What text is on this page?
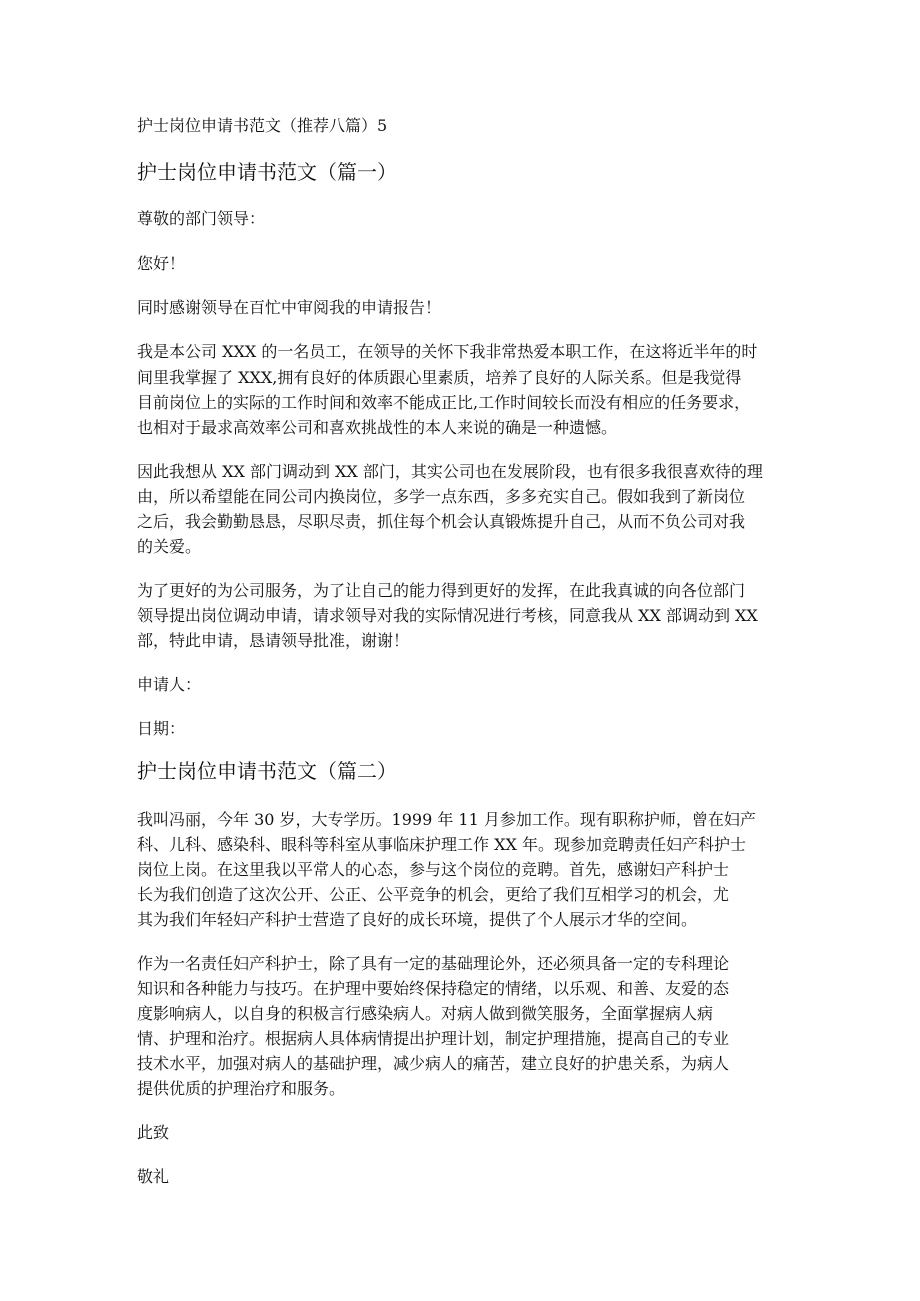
护士岗位申请书范文（推荐八篇）5
护士岗位申请书范文（篇一）
尊敬的部门领导：
您好！
同时感谢领导在百忙中审阅我的申请报告！
我是本公司 XXX 的一名员工，在领导的关怀下我非常热爱本职工作，在这将近半年的时
间里我掌握了 XXX,拥有良好的体质跟心里素质，培养了良好的人际关系。但是我觉得
目前岗位上的实际的工作时间和效率不能成正比,工作时间较长而没有相应的任务要求，
也相对于最求高效率公司和喜欢挑战性的本人来说的确是一种遗憾。
因此我想从 XX 部门调动到 XX 部门，其实公司也在发展阶段，也有很多我很喜欢待的理
由，所以希望能在同公司内换岗位，多学一点东西，多多充实自己。假如我到了新岗位
之后，我会勤勤恳恳，尽职尽责，抓住每个机会认真锻炼提升自己，从而不负公司对我
的关爱。
为了更好的为公司服务，为了让自己的能力得到更好的发挥，在此我真诚的向各位部门
领导提出岗位调动申请，请求领导对我的实际情况进行考核，同意我从 XX 部调动到 XX
部，特此申请，恳请领导批准，谢谢！
申请人：
日期：
护士岗位申请书范文（篇二）
我叫冯丽，今年 30 岁，大专学历。1999 年 11 月参加工作。现有职称护师，曾在妇产
科、儿科、感染科、眼科等科室从事临床护理工作 XX 年。现参加竞聘责任妇产科护士
岗位上岗。在这里我以平常人的心态，参与这个岗位的竞聘。首先，感谢妇产科护士
长为我们创造了这次公开、公正、公平竞争的机会，更给了我们互相学习的机会，尤
其为我们年轻妇产科护士营造了良好的成长环境，提供了个人展示才华的空间。
作为一名责任妇产科护士，除了具有一定的基础理论外，还必须具备一定的专科理论
知识和各种能力与技巧。在护理中要始终保持稳定的情绪，以乐观、和善、友爱的态
度影响病人，以自身的积极言行感染病人。对病人做到微笑服务，全面掌握病人病
情、护理和治疗。根据病人具体病情提出护理计划，制定护理措施，提高自己的专业
技术水平，加强对病人的基础护理，减少病人的痛苦，建立良好的护患关系，为病人
提供优质的护理治疗和服务。
此致
敬礼
